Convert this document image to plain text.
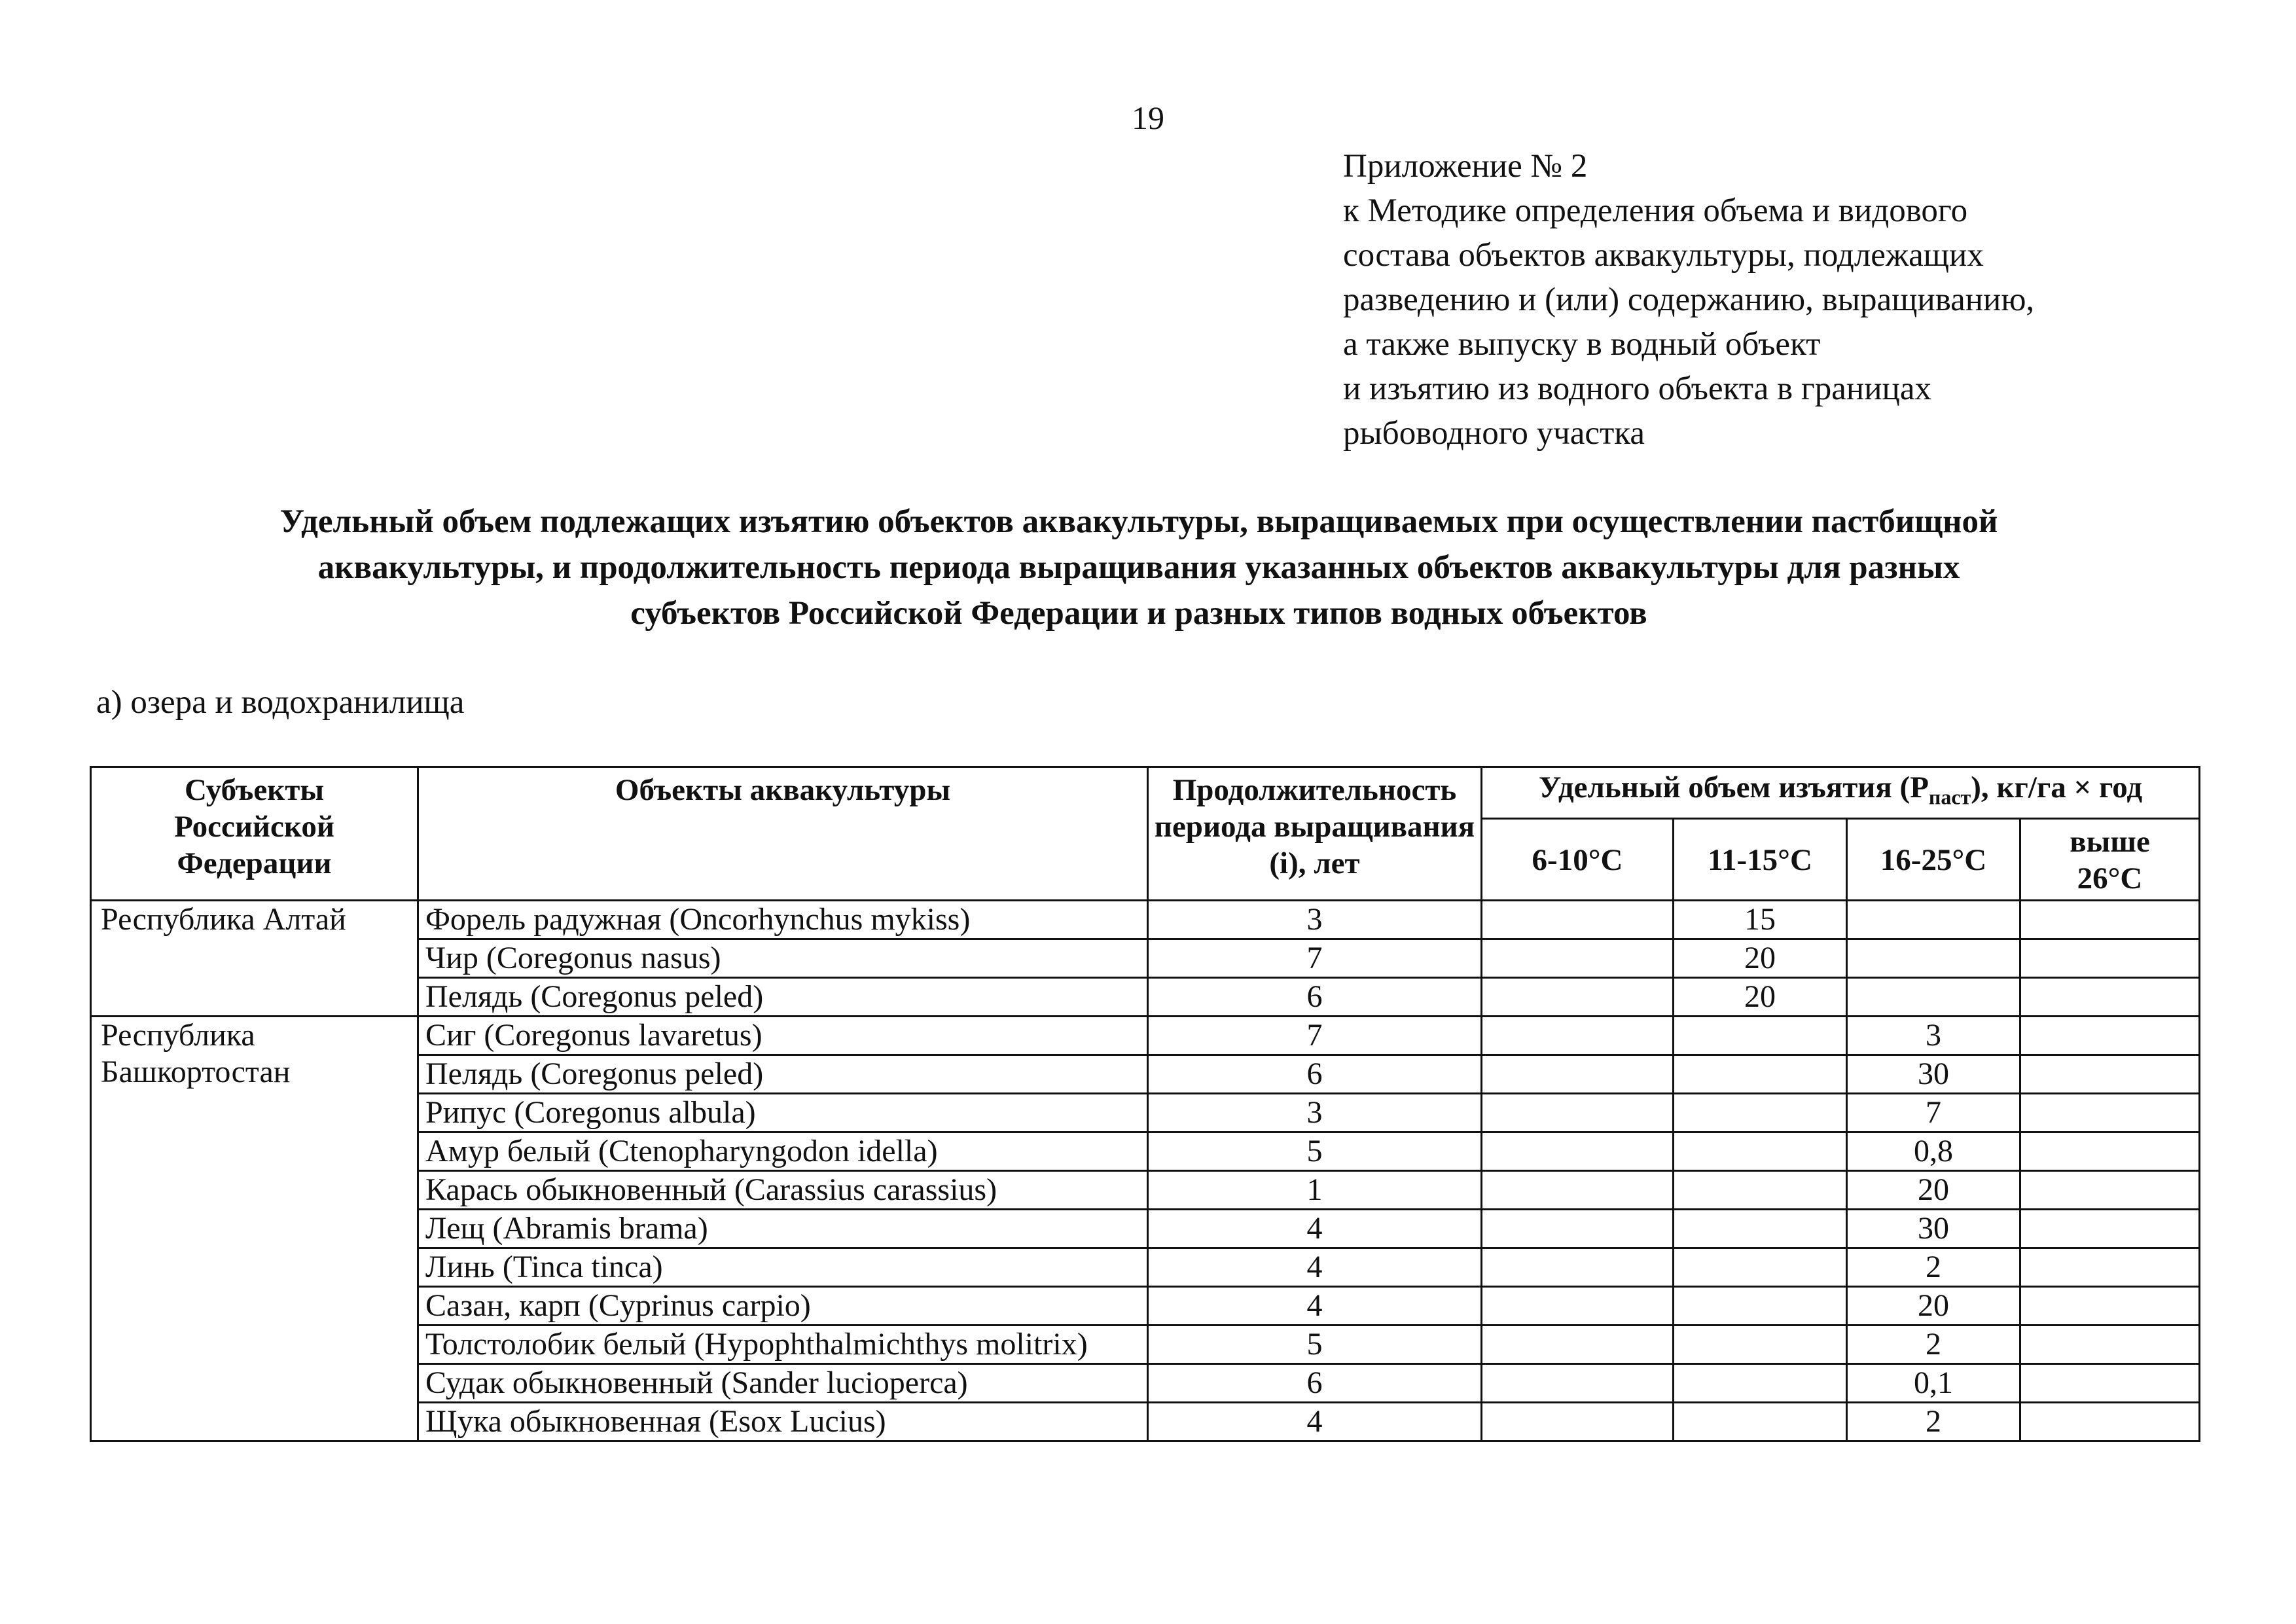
19
Приложение № 2
к Методике определения объема и видового
состава объектов аквакультуры, подлежащих
разведению и (или) содержанию, выращиванию,
а также выпуску в водный объект
и изъятию из водного объекта в границах
рыбоводного участка
Удельный объем подлежащих изъятию объектов аквакультуры, выращиваемых при осуществлении пастбищной
аквакультуры, и продолжительность периода выращивания указанных объектов аквакультуры для разных
субъектов Российской Федерации и разных типов водных объектов
а) озера и водохранилища
Субъекты Российской Федерации	Объекты аквакультуры	Продолжительность периода выращивания (i), лет	Удельный объем изъятия $(P_{паст})$, кг/га × год			
			6-10°C	11-15°C	16-25°C	выше 26°C
Республика Алтай	Форель радужная (Oncorhynchus mykiss)	3		15		
	Чир (Coregonus nasus)	7		20		
	Пелядь (Coregonus peled)	6		20		
Республика Башкортостан	Сиг (Coregonus lavaretus)	7			3	
	Пелядь (Coregonus peled)	6			30	
	Рипус (Coregonus albula)	3			7	
	Амур белый (Ctenopharyngodon idella)	5			0,8	
	Карась обыкновенный (Carassius carassius)	1			20	
	Лещ (Abramis brama)	4			30	
	Линь (Tinca tinca)	4			2	
	Сазан, карп (Cyprinus carpio)	4			20	
	Толстолобик белый (Hypophthalmichthys molitrix)	5			2	
	Судак обыкновенный (Sander lucioperca)	6			0,1	
	Щука обыкновенная (Esox Lucius)	4			2	
